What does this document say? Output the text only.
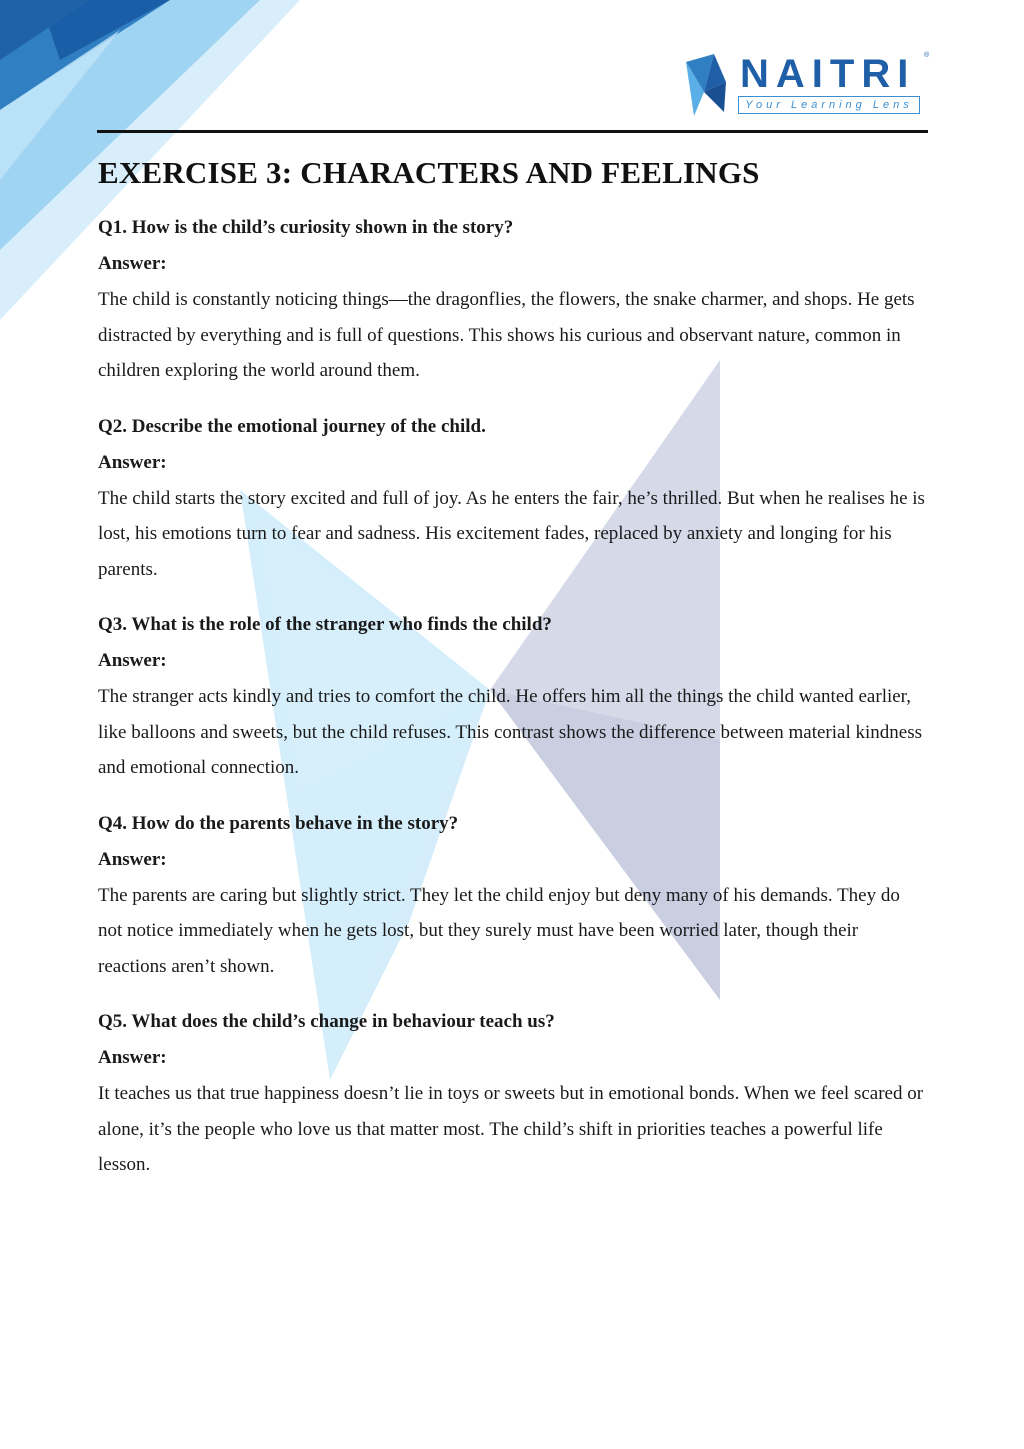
NAITRI ®
Your Learning Lens
EXERCISE 3: CHARACTERS AND FEELINGS

Q1. How is the child’s curiosity shown in the story?

Answer:

The child is constantly noticing things—the dragonflies, the flowers, the snake charmer, and shops. He gets distracted by everything and is full of questions. This shows his curious and observant nature, common in children exploring the world around them.

Q2. Describe the emotional journey of the child.

Answer:

The child starts the story excited and full of joy. As he enters the fair, he’s thrilled. But when he realises he is lost, his emotions turn to fear and sadness. His excitement fades, replaced by anxiety and longing for his parents.

Q3. What is the role of the stranger who finds the child?

Answer:

The stranger acts kindly and tries to comfort the child. He offers him all the things the child wanted earlier, like balloons and sweets, but the child refuses. This contrast shows the difference between material kindness and emotional connection.

Q4. How do the parents behave in the story?

Answer:

The parents are caring but slightly strict. They let the child enjoy but deny many of his demands. They do not notice immediately when he gets lost, but they surely must have been worried later, though their reactions aren’t shown.

Q5. What does the child’s change in behaviour teach us?

Answer:

It teaches us that true happiness doesn’t lie in toys or sweets but in emotional bonds. When we feel scared or alone, it’s the people who love us that matter most. The child’s shift in priorities teaches a powerful life lesson.
